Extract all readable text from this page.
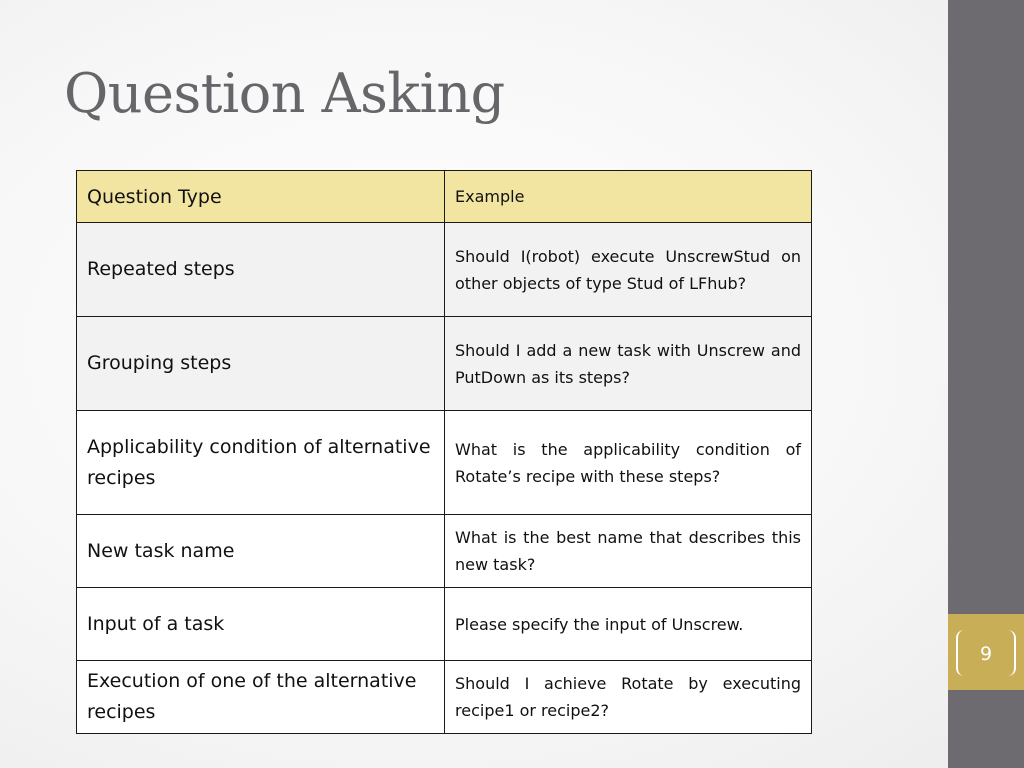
9
Question Asking
Question Type	Example
Repeated steps	Should I(robot) execute UnscrewStud on other objects of type Stud of LFhub?
Grouping steps	Should I add a new task with Unscrew and PutDown as its steps?
Applicability condition of alternative recipes	What is the applicability condition of Rotate’s recipe with these steps?
New task name	What is the best name that describes this new task?
Input of a task	Please specify the input of Unscrew.
Execution of one of the alternative recipes	Should I achieve Rotate by executing recipe1 or recipe2?
